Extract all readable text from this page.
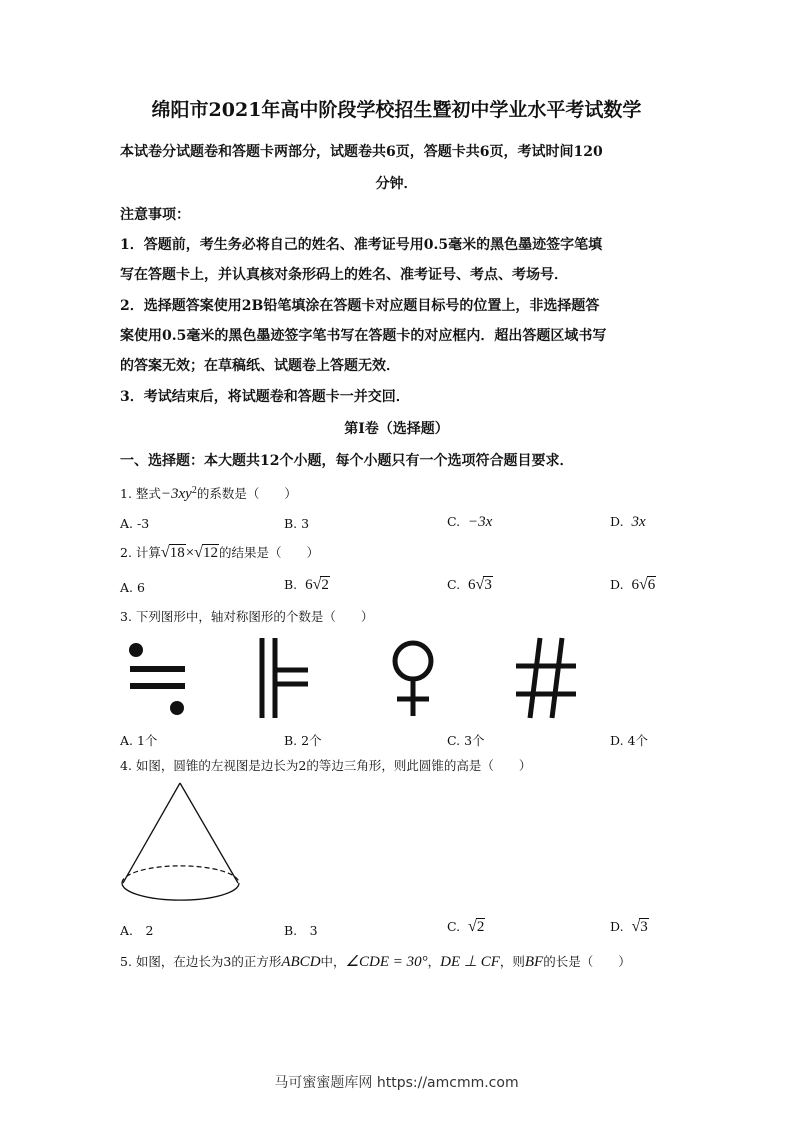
绵阳市2021年高中阶段学校招生暨初中学业水平考试数学
本试卷分试题卷和答题卡两部分，试题卷共6页，答题卡共6页，考试时间120
分钟．
注意事项：
1．答题前，考生务必将自己的姓名、准考证号用0.5毫米的黑色墨迹签字笔填
写在答题卡上，并认真核对条形码上的姓名、准考证号、考点、考场号．
2．选择题答案使用2B铅笔填涂在答题卡对应题目标号的位置上，非选择题答
案使用0.5毫米的黑色墨迹签字笔书写在答题卡的对应框内．超出答题区域书写
的答案无效；在草稿纸、试题卷上答题无效．
3．考试结束后，将试题卷和答题卡一并交回．
第Ⅰ卷（选择题）
一、选择题：本大题共12个小题，每个小题只有一个选项符合题目要求．
1. 整式$-3xy^2$的系数是（　　）
A. -3	B. 3	C. −3x	D. 3x
2. 计算√18×√12的结果是（　　）
A. 6	B. 6√2	C. 6√3	D. 6√6
3. 下列图形中，轴对称图形的个数是（　　）
A. 1个	B. 2个	C. 3个	D. 4个
4. 如图，圆锥的左视图是边长为2的等边三角形，则此圆锥的高是（　　）
A.　2	B.　3	C. √2	D. √3
5. 如图，在边长为3的正方形ABCD中，∠CDE = 30°，DE ⊥ CF，则BF的长是（　　）
马可蜜蜜题库网 https://amcmm.com
